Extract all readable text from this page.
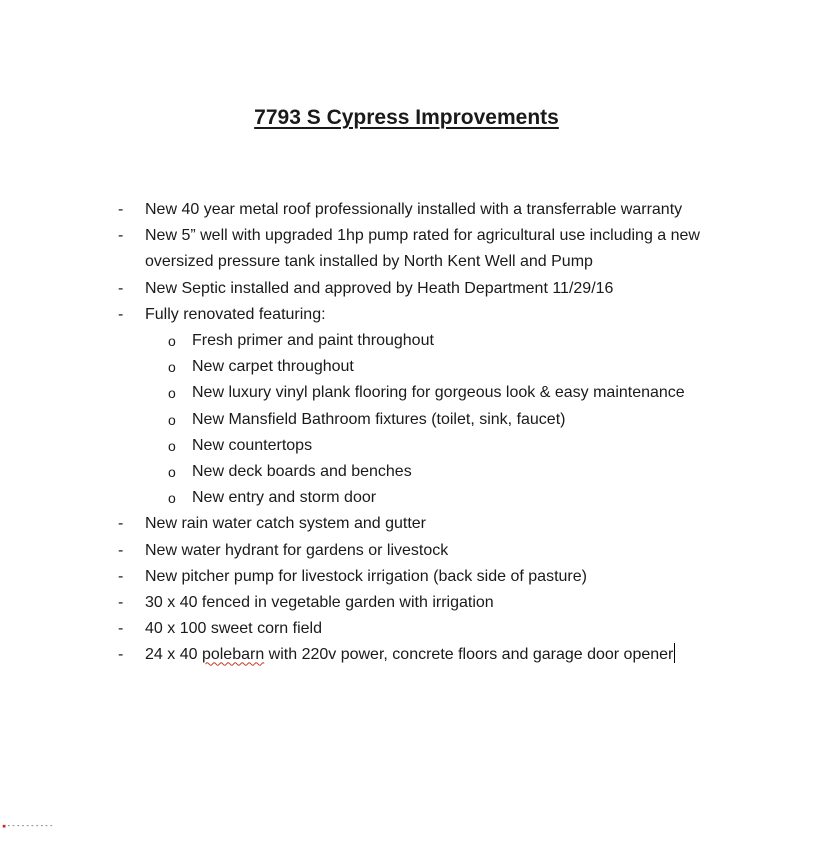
7793 S Cypress Improvements
- New 40 year metal roof professionally installed with a transferrable warranty
- New 5” well with upgraded 1hp pump rated for agricultural use including a new oversized pressure tank installed by North Kent Well and Pump
- New Septic installed and approved by Heath Department 11/29/16
- Fully renovated featuring:
o Fresh primer and paint throughout
o New carpet throughout
o New luxury vinyl plank flooring for gorgeous look & easy maintenance
o New Mansfield Bathroom fixtures (toilet, sink, faucet)
o New countertops
o New deck boards and benches
o New entry and storm door
- New rain water catch system and gutter
- New water hydrant for gardens or livestock
- New pitcher pump for livestock irrigation (back side of pasture)
- 30 x 40 fenced in vegetable garden with irrigation
- 40 x 100 sweet corn field
- 24 x 40 polebarn with 220v power, concrete floors and garage door opener
▪‑‑‑‑‑‑‑‑‑‑
